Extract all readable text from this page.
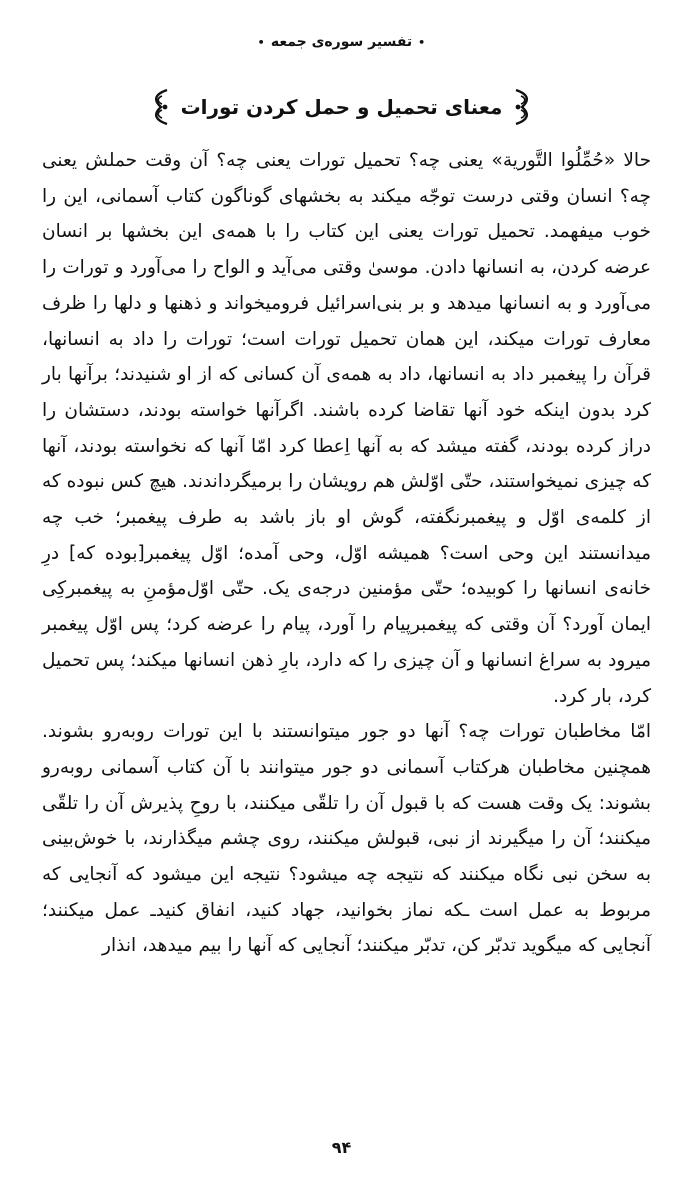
•تفسیر سوره‌ی جمعه•
معنای تحمیل و حمل کردن تورات

حالا «حُمِّلُوا التَّورية» یعنی چه؟ تحمیل تورات یعنی چه؟ آن وقت حملش یعنی چه؟ انسان وقتی درست توجّه میکند به بخشهای گوناگون کتاب آسمانی، این را خوب میفهمد. تحمیل تورات یعنی این کتاب را با همه‌ی این بخشها بر انسان عرضه کردن، به انسانها دادن. موسیٰ وقتی می‌آید و الواح را می‌آورد و تورات را می‌آورد و به انسانها میدهد و بر بنی‌اسرائیل فرومیخواند و ذهنها و دلها را ظرف معارف تورات میکند، این همان تحمیل تورات است؛ تورات را داد به انسانها، قرآن را پیغمبر داد به انسانها، داد به همه‌ی آن کسانی که از او شنیدند؛ برآنها بار کرد بدون اینکه خود آنها تقاضا کرده باشند. اگرآنها خواسته بودند، دستشان را دراز کرده بودند، گفته میشد که به آنها اِعطا کرد امّا آنها که نخواسته بودند، آنها که چیزی نمیخواستند، حتّی اوّلش هم رویشان را برمیگرداندند. هیچ کس نبوده که از کلمه‌ی اوّل و پیغمبرنگفته، گوش او باز باشد به طرف پیغمبر؛ خب چه میدانستند این وحی است؟ همیشه اوّل، وحی آمده؛ اوّل پیغمبر[بوده که] درِ خانه‌ی انسانها را کوبیده؛ حتّی مؤمنین درجه‌ی یک. حتّی اوّل‌مؤمنِ به پیغمبرکِی ایمان آورد؟ آن وقتی که پیغمبرپیام را آورد، پیام را عرضه کرد؛ پس اوّل پیغمبر میرود به سراغ انسانها و آن چیزی را که دارد، بارِ ذهن انسانها میکند؛ پس تحمیل کرد، بار کرد.

امّا مخاطبان تورات چه؟ آنها دو جور میتوانستند با این تورات روبه‌رو بشوند. همچنین مخاطبان هرکتاب آسمانی دو جور میتوانند با آن کتاب آسمانی روبه‌رو بشوند: یک وقت هست که با قبول آن را تلقّی میکنند، با روحِ پذیرش آن را تلقّی میکنند؛ آن را میگیرند از نبی، قبولش میکنند، روی چشم میگذارند، با خوش‌بینی به سخن نبی نگاه میکنند که نتیجه چه میشود؟ نتیجه این میشود که آنجایی که مربوط به عمل است ـکه نماز بخوانید، جهاد کنید، انفاق کنیدـ عمل میکنند؛ آنجایی که میگوید تدبّر کن، تدبّر میکنند؛ آنجایی که آنها را بیم میدهد، انذار

۹۴
